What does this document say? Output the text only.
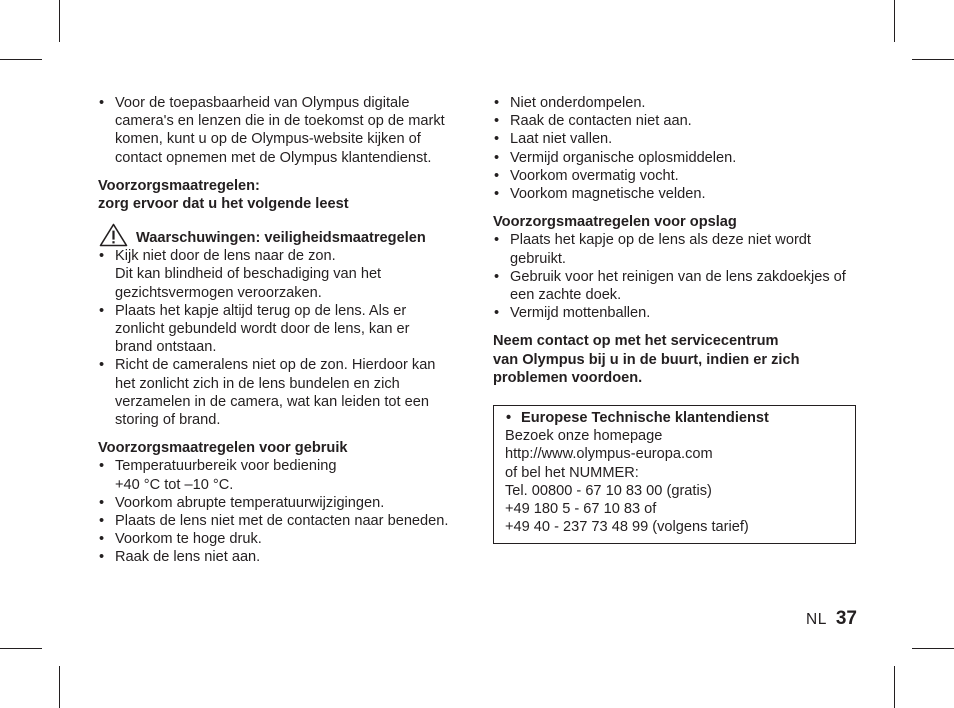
• Voor de toepasbaarheid van Olympus digitale camera's en lenzen die in de toekomst op de markt komen, kunt u op de Olympus-website kijken of contact opnemen met de Olympus klantendienst.

Voorzorgsmaatregelen:
zorg ervoor dat u het volgende leest

Waarschuwingen: veiligheidsmaatregelen
• Kijk niet door de lens naar de zon.
Dit kan blindheid of beschadiging van het gezichtsvermogen veroorzaken.
• Plaats het kapje altijd terug op de lens. Als er zonlicht gebundeld wordt door de lens, kan er brand ontstaan.
• Richt de cameralens niet op de zon. Hierdoor kan het zonlicht zich in de lens bundelen en zich verzamelen in de camera, wat kan leiden tot een storing of brand.

Voorzorgsmaatregelen voor gebruik

• Temperatuurbereik voor bediening
+40 °C tot –10 °C.
• Voorkom abrupte temperatuurwijzigingen.
• Plaats de lens niet met de contacten naar beneden.
• Voorkom te hoge druk.
• Raak de lens niet aan.
• Niet onderdompelen.
• Raak de contacten niet aan.
• Laat niet vallen.
• Vermijd organische oplosmiddelen.
• Voorkom overmatig vocht.
• Voorkom magnetische velden.

Voorzorgsmaatregelen voor opslag

• Plaats het kapje op de lens als deze niet wordt gebruikt.
• Gebruik voor het reinigen van de lens zakdoekjes of een zachte doek.
• Vermijd mottenballen.

Neem contact op met het servicecentrum
van Olympus bij u in de buurt, indien er zich
problemen voordoen.

• Europese Technische klantendienst
Bezoek onze homepage
http://www.olympus-europa.com
of bel het NUMMER:
Tel. 00800 - 67 10 83 00 (gratis)
+49 180 5 - 67 10 83 of
+49 40 - 237 73 48 99 (volgens tarief)
NL 37
